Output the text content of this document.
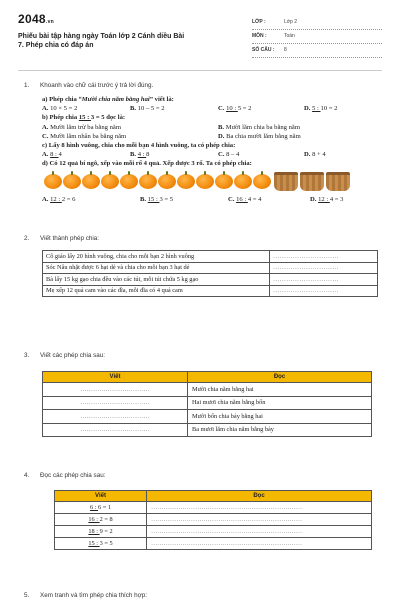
2048.vn
Phiếu bài tập hàng ngày Toán lớp 2 Cánh diều Bài 7. Phép chia có đáp án
LỚP :	Lớp 2
MÔN :	Toán
SỐ CÂU : 8
1. Khoanh vào chữ cái trước ý trả lời đúng.
a) Phép chia “Mười chia năm bằng hai” viết là:
A. 10 × 5 = 2	B. 10 – 5 = 2	C. 10 : 5 = 2	D. 5 : 10 = 2
b) Phép chia 15 : 3 = 5 đọc là:
A. Mười lăm trừ ba bằng năm	B. Mười lăm chia ba bằng năm
C. Mười lăm nhân ba bằng năm	D. Ba chia mười lăm bằng năm
c) Lấy 8 hình vuông, chia cho mỗi bạn 4 hình vuông, ta có phép chia:
A. 8 : 4	B. 4 : 8	C. 8 – 4	D. 8 + 4
d) Có 12 quả bí ngô, xếp vào mỗi rổ 4 quả. Xếp được 3 rổ. Ta có phép chia:
A. 12 : 2 = 6	B. 15 : 3 = 5	C. 16 : 4 = 4	D. 12 : 4 = 3
2. Viết thành phép chia:
Cô giáo lấy 20 hình vuông, chia cho mỗi bạn 2 hình vuông	…………………………
Sóc Nâu nhặt được 6 hạt dẻ và chia cho mỗi bạn 3 hạt dẻ	…………………………
Bà lấy 15 kg gạo chia đều vào các túi, mỗi túi chứa 5 kg gạo	…………………………
Mẹ xếp 12 quả cam vào các đĩa, mỗi đĩa có 4 quả cam	…………………………
3. Viết các phép chia sau:
Viết	Đọc
……………………………	Mười chia năm bằng hai
……………………………	Hai mươi chia năm bằng bốn
……………………………	Mười bốn chia bảy bằng hai
……………………………	Ba mươi lăm chia năm bằng bảy
4. Đọc các phép chia sau:
Viết	Đọc
6 : 6 = 1	………………………………………………………………
16 : 2 = 8	………………………………………………………………
18 : 9 = 2	………………………………………………………………
15 : 3 = 5	………………………………………………………………
5. Xem tranh và tìm phép chia thích hợp:
